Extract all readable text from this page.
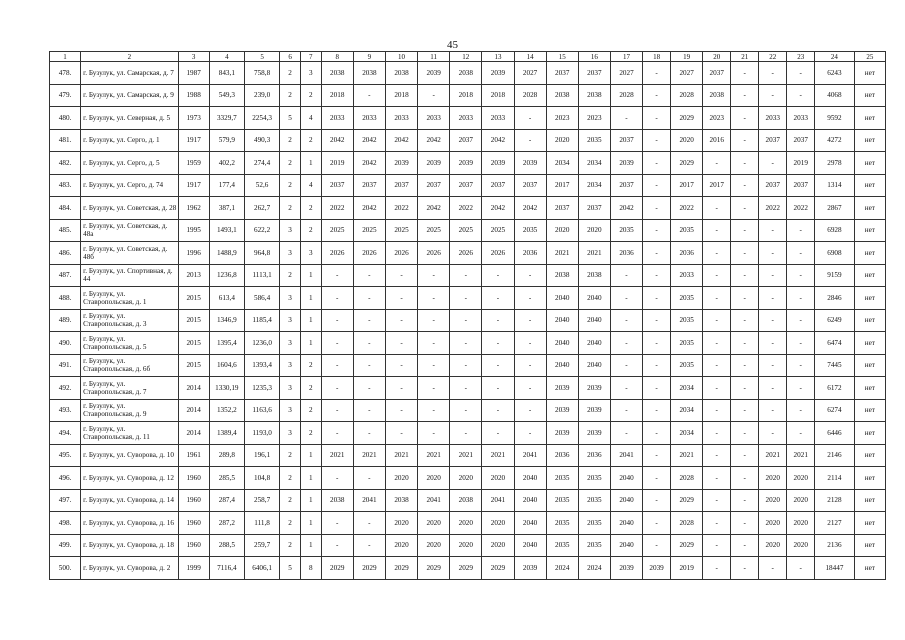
45
1	2	3	4	5	6	7	8	9	10	11	12	13	14	15	16	17	18	19	20	21	22	23	24	25
478.	г. Бузулук, ул. Самарская, д. 7	1987	843,1	758,8	2	3	2038	2038	2038	2039	2038	2039	2027	2037	2037	2027	-	2027	2037	-	-	-	6243	нет
479.	г. Бузулук, ул. Самарская, д. 9	1988	549,3	239,0	2	2	2018	-	2018	-	2018	2018	2028	2038	2038	2028	-	2028	2038	-	-	-	4068	нет
480.	г. Бузулук, ул. Северная, д. 5	1973	3329,7	2254,3	5	4	2033	2033	2033	2033	2033	2033	-	2023	2023	-	-	2029	2023	-	2033	2033	9592	нет
481.	г. Бузулук, ул. Серго, д. 1	1917	579,9	490,3	2	2	2042	2042	2042	2042	2037	2042	-	2020	2035	2037	-	2020	2016	-	2037	2037	4272	нет
482.	г. Бузулук, ул. Серго, д. 5	1959	402,2	274,4	2	1	2019	2042	2039	2039	2039	2039	2039	2034	2034	2039	-	2029	-	-	-	2019	2978	нет
483.	г. Бузулук, ул. Серго, д. 74	1917	177,4	52,6	2	4	2037	2037	2037	2037	2037	2037	2037	2017	2034	2037	-	2017	2017	-	2037	2037	1314	нет
484.	г. Бузулук, ул. Советская, д. 28	1962	387,1	262,7	2	2	2022	2042	2022	2042	2022	2042	2042	2037	2037	2042	-	2022	-	-	2022	2022	2867	нет
485.	г. Бузулук, ул. Советская, д. 48а	1995	1493,1	622,2	3	2	2025	2025	2025	2025	2025	2025	2035	2020	2020	2035	-	2035	-	-	-	-	6928	нет
486.	г. Бузулук, ул. Советская, д. 48б	1996	1488,9	964,8	3	3	2026	2026	2026	2026	2026	2026	2036	2021	2021	2036	-	2036	-	-	-	-	6908	нет
487.	г. Бузулук, ул. Спортивная, д. 44	2013	1236,8	1113,1	2	1	-	-	-	-	-	-	-	2038	2038	-	-	2033	-	-	-	-	9159	нет
488.	г. Бузулук, ул. Ставропольская, д. 1	2015	613,4	586,4	3	1	-	-	-	-	-	-	-	2040	2040	-	-	2035	-	-	-	-	2846	нет
489.	г. Бузулук, ул. Ставропольская, д. 3	2015	1346,9	1185,4	3	1	-	-	-	-	-	-	-	2040	2040	-	-	2035	-	-	-	-	6249	нет
490.	г. Бузулук, ул. Ставропольская, д. 5	2015	1395,4	1236,0	3	1	-	-	-	-	-	-	-	2040	2040	-	-	2035	-	-	-	-	6474	нет
491.	г. Бузулук, ул. Ставропольская, д. 6б	2015	1604,6	1393,4	3	2	-	-	-	-	-	-	-	2040	2040	-	-	2035	-	-	-	-	7445	нет
492.	г. Бузулук, ул. Ставропольская, д. 7	2014	1330,19	1235,3	3	2	-	-	-	-	-	-	-	2039	2039	-	-	2034	-	-	-	-	6172	нет
493.	г. Бузулук, ул. Ставропольская, д. 9	2014	1352,2	1163,6	3	2	-	-	-	-	-	-	-	2039	2039	-	-	2034	-	-	-	-	6274	нет
494.	г. Бузулук, ул. Ставропольская, д. 11	2014	1389,4	1193,0	3	2	-	-	-	-	-	-	-	2039	2039	-	-	2034	-	-	-	-	6446	нет
495.	г. Бузулук, ул. Суворова, д. 10	1961	289,8	196,1	2	1	2021	2021	2021	2021	2021	2021	2041	2036	2036	2041	-	2021	-	-	2021	2021	2146	нет
496.	г. Бузулук, ул. Суворова, д. 12	1960	285,5	104,8	2	1	-	-	2020	2020	2020	2020	2040	2035	2035	2040	-	2028	-	-	2020	2020	2114	нет
497.	г. Бузулук, ул. Суворова, д. 14	1960	287,4	258,7	2	1	2038	2041	2038	2041	2038	2041	2040	2035	2035	2040	-	2029	-	-	2020	2020	2128	нет
498.	г. Бузулук, ул. Суворова, д. 16	1960	287,2	111,8	2	1	-	-	2020	2020	2020	2020	2040	2035	2035	2040	-	2028	-	-	2020	2020	2127	нет
499.	г. Бузулук, ул. Суворова, д. 18	1960	288,5	259,7	2	1	-	-	2020	2020	2020	2020	2040	2035	2035	2040	-	2029	-	-	2020	2020	2136	нет
500.	г. Бузулук, ул. Суворова, д. 2	1999	7116,4	6406,1	5	8	2029	2029	2029	2029	2029	2029	2039	2024	2024	2039	2039	2019	-	-	-	-	18447	нет
